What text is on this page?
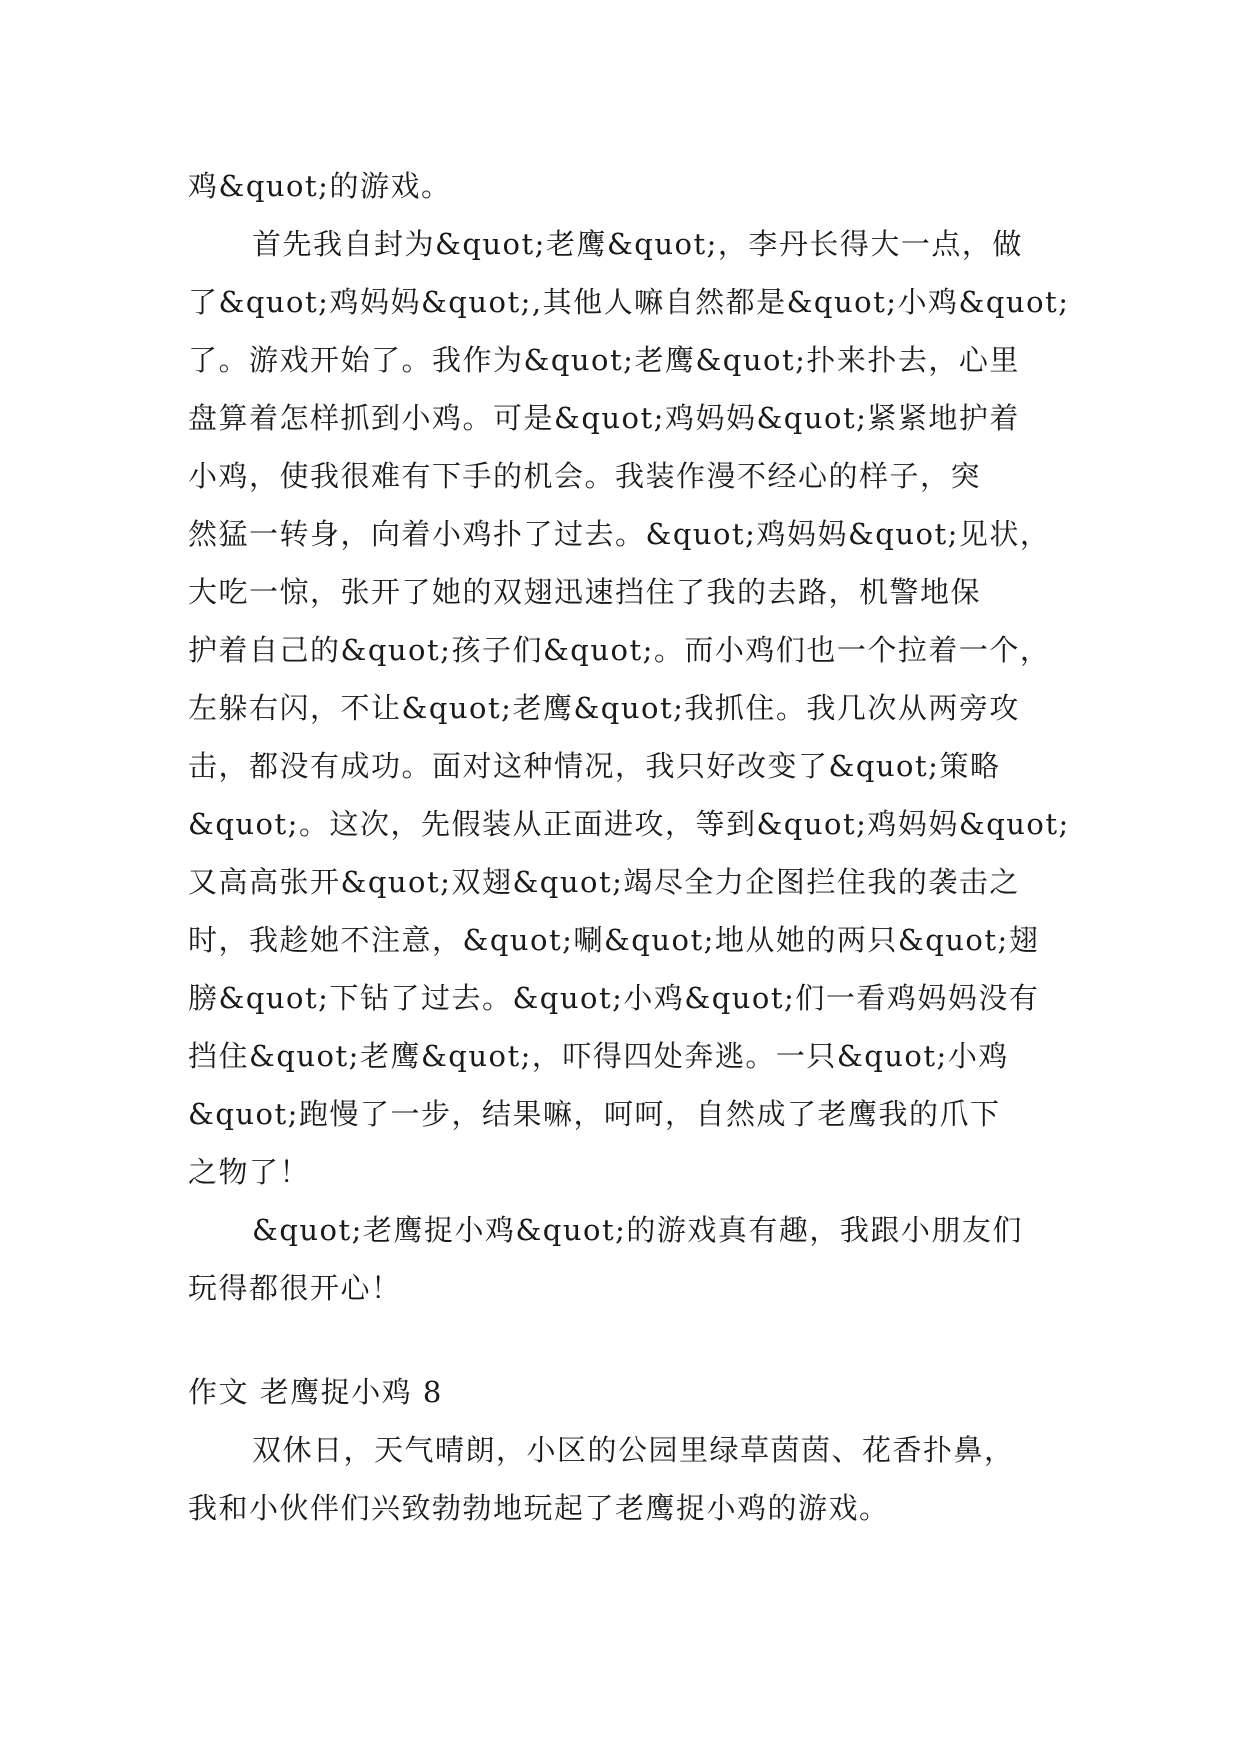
鸡&quot;的游戏。
首先我自封为&quot;老鹰&quot;，李丹长得大一点，做
了&quot;鸡妈妈&quot;,其他人嘛自然都是&quot;小鸡&quot;
了。游戏开始了。我作为&quot;老鹰&quot;扑来扑去，心里
盘算着怎样抓到小鸡。可是&quot;鸡妈妈&quot;紧紧地护着
小鸡，使我很难有下手的机会。我装作漫不经心的样子，突
然猛一转身，向着小鸡扑了过去。&quot;鸡妈妈&quot;见状，
大吃一惊，张开了她的双翅迅速挡住了我的去路，机警地保
护着自己的&quot;孩子们&quot;。而小鸡们也一个拉着一个，
左躲右闪，不让&quot;老鹰&quot;我抓住。我几次从两旁攻
击，都没有成功。面对这种情况，我只好改变了&quot;策略
&quot;。这次，先假装从正面进攻，等到&quot;鸡妈妈&quot;
又高高张开&quot;双翅&quot;竭尽全力企图拦住我的袭击之
时，我趁她不注意，&quot;唰&quot;地从她的两只&quot;翅
膀&quot;下钻了过去。&quot;小鸡&quot;们一看鸡妈妈没有
挡住&quot;老鹰&quot;，吓得四处奔逃。一只&quot;小鸡
&quot;跑慢了一步，结果嘛，呵呵，自然成了老鹰我的爪下
之物了！
&quot;老鹰捉小鸡&quot;的游戏真有趣，我跟小朋友们
玩得都很开心！
作文 老鹰捉小鸡 8
双休日，天气晴朗，小区的公园里绿草茵茵、花香扑鼻，
我和小伙伴们兴致勃勃地玩起了老鹰捉小鸡的游戏。
